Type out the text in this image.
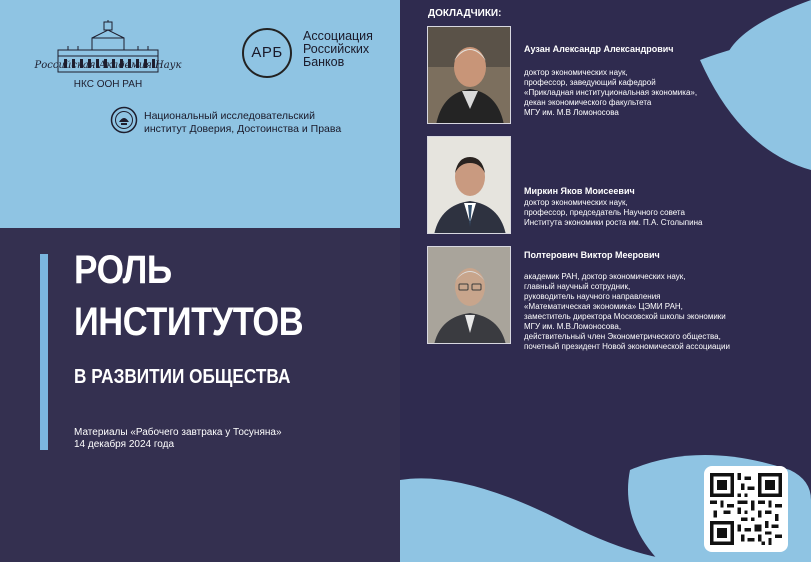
Российская Академия Наук
НКС ООН РАН
АРБ
Ассоциация
Российских
Банков
Национальный исследовательский
институт Доверия, Достоинства и Права
РОЛЬ
ИНСТИТУТОВ
В РАЗВИТИИ ОБЩЕСТВА
Материалы «Рабочего завтрака у Тосуняна»
14 декабря 2024 года
ДОКЛАДЧИКИ:
Аузан Александр Александрович
доктор экономических наук,
профессор, заведующий кафедрой
«Прикладная институциональная экономика»,
декан экономического факультета
МГУ им. М.В Ломоносова
Миркин Яков Моисеевич
доктор экономических наук,
профессор, председатель Научного совета
Института экономики роста им. П.А. Столыпина
Полтерович Виктор Меерович
академик РАН, доктор экономических наук,
главный научный сотрудник,
руководитель научного направления
«Математическая экономика» ЦЭМИ РАН,
заместитель директора Московской школы экономики
МГУ им. М.В.Ломоносова,
действительный член Эконометрического общества,
почетный президент Новой экономической ассоциации
